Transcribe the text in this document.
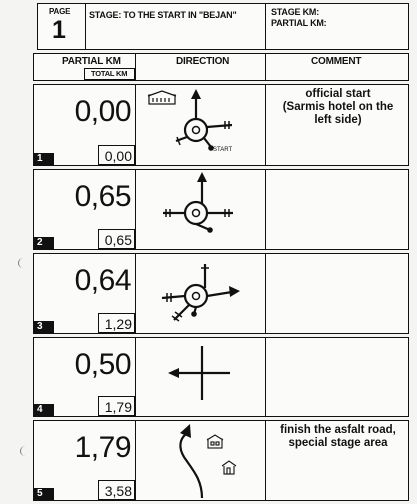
PAGE
1
STAGE: TO THE START IN "BEJAN"	STAGE KM:
PARTIAL KM:
PARTIAL KM
TOTAL KM
DIRECTION	COMMENT
0,00
0,00
1
START
official start
(Sarmis hotel on the
left side)
0,65
0,65
2
0,64
1,29
3
0,50
1,79
4
1,79
3,58
5
finish the asfalt road,
special stage area
